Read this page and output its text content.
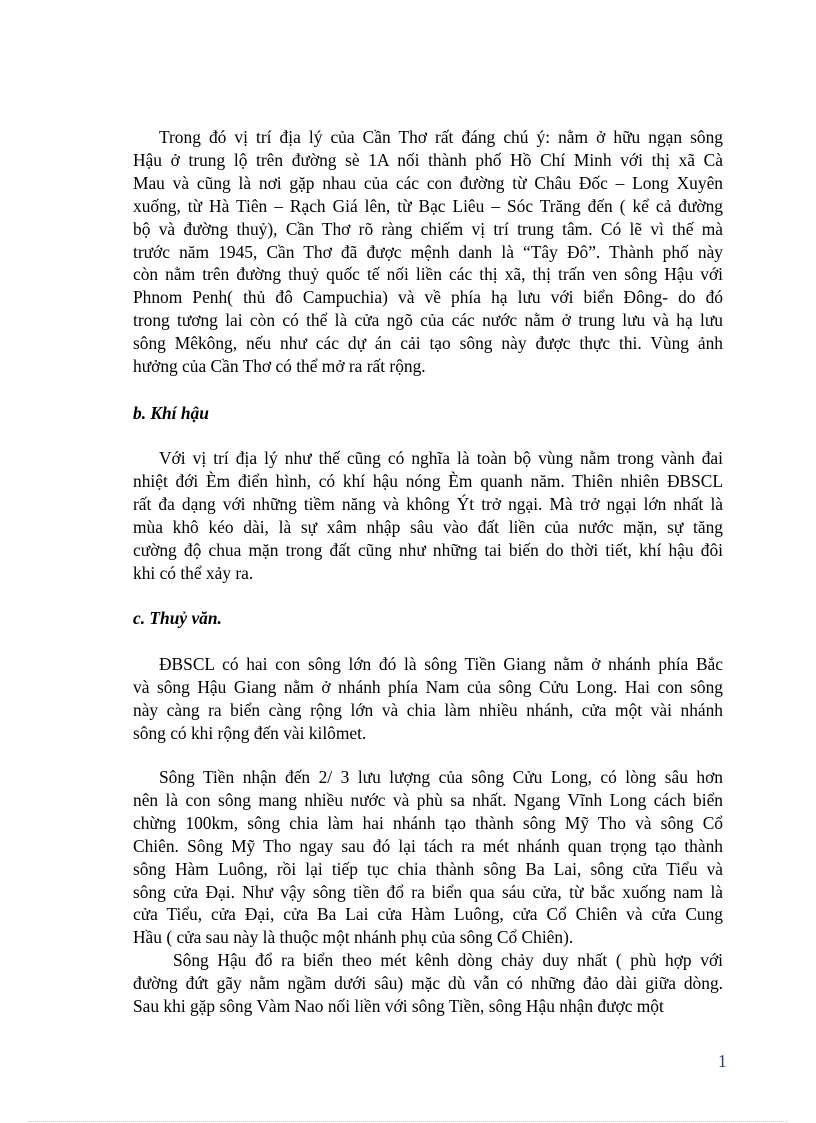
Trong đó vị trí địa lý của Cần Thơ rất đáng chú ý: nằm ở hữu ngạn sông
Hậu ở trung lộ trên đường sè 1A nối thành phố Hồ Chí Minh với thị xã Cà
Mau và cũng là nơi gặp nhau của các con đường từ Châu Đốc – Long Xuyên
xuống, từ Hà Tiên – Rạch Giá lên, từ Bạc Liêu – Sóc Trăng đến ( kể cả đường
bộ và đường thuỷ), Cần Thơ rõ ràng chiếm vị trí trung tâm. Có lẽ vì thế mà
trước năm 1945, Cần Thơ đã được mệnh danh là “Tây Đô”. Thành phố này
còn nằm trên đường thuỷ quốc tế nối liền các thị xã, thị trấn ven sông Hậu với
Phnom Penh( thủ đô Campuchia) và về phía hạ lưu với biển Đông- do đó
trong tương lai còn có thể là cửa ngõ của các nước nằm ở trung lưu và hạ lưu
sông Mêkông, nếu như các dự án cải tạo sông này được thực thi. Vùng ảnh
hưởng của Cần Thơ có thể mở ra rất rộng.
b. Khí hậu
Với vị trí địa lý như thế cũng có nghĩa là toàn bộ vùng nằm trong vành đai
nhiệt đới Èm điển hình, có khí hậu nóng Èm quanh năm. Thiên nhiên ĐBSCL
rất đa dạng với những tiềm năng và không Ýt trở ngại. Mà trở ngại lớn nhất là
mùa khô kéo dài, là sự xâm nhập sâu vào đất liền của nước mặn, sự tăng
cường độ chua mặn trong đất cũng như những tai biến do thời tiết, khí hậu đôi
khi có thể xảy ra.
c. Thuỷ văn.
ĐBSCL có hai con sông lớn đó là sông Tiền Giang nằm ở nhánh phía Bắc
và sông Hậu Giang nằm ở nhánh phía Nam của sông Cửu Long. Hai con sông
này càng ra biển càng rộng lớn và chia làm nhiều nhánh, cửa một vài nhánh
sông có khi rộng đến vài kilômet.
Sông Tiền nhận đến 2/ 3 lưu lượng của sông Cửu Long, có lòng sâu hơn
nên là con sông mang nhiều nước và phù sa nhất. Ngang Vĩnh Long cách biển
chừng 100km, sông chia làm hai nhánh tạo thành sông Mỹ Tho và sông Cổ
Chiên. Sông Mỹ Tho ngay sau đó lại tách ra mét nhánh quan trọng tạo thành
sông Hàm Luông, rồi lại tiếp tục chia thành sông Ba Lai, sông cửa Tiểu và
sông cửa Đại. Như vậy sông tiền đổ ra biển qua sáu cửa, từ bắc xuống nam là
cửa Tiểu, cửa Đại, cửa Ba Lai cửa Hàm Luông, cửa Cổ Chiên và cửa Cung
Hầu ( cửa sau này là thuộc một nhánh phụ của sông Cổ Chiên).
Sông Hậu đổ ra biển theo mét kênh dòng chảy duy nhất ( phù hợp với
đường đứt gãy nằm ngầm dưới sâu) mặc dù vẫn có những đảo dài giữa dòng.
Sau khi gặp sông Vàm Nao nối liền với sông Tiền, sông Hậu nhận được một
1
